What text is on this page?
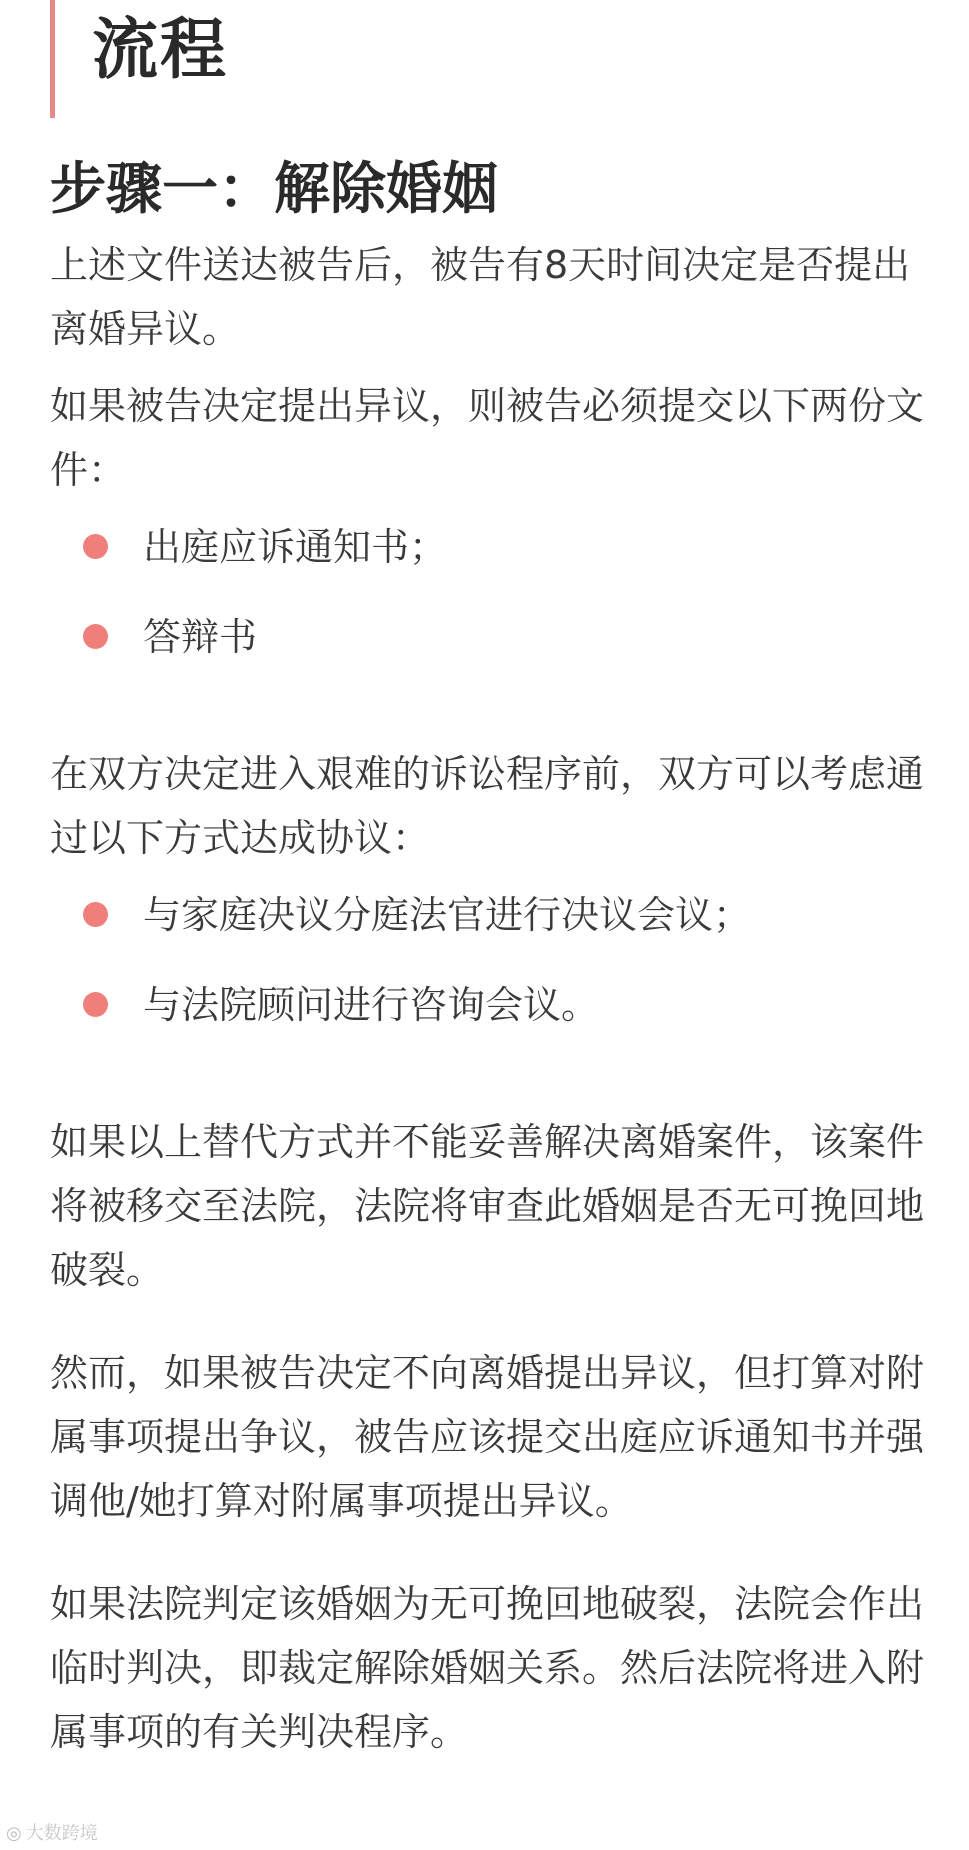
流程
步骤一：解除婚姻

上述文件送达被告后，被告有8天时间决定是否提出离婚异议。

如果被告决定提出异议，则被告必须提交以下两份文件：

出庭应诉通知书；
答辩书

在双方决定进入艰难的诉讼程序前，双方可以考虑通过以下方式达成协议：

与家庭决议分庭法官进行决议会议；
与法院顾问进行咨询会议。

如果以上替代方式并不能妥善解决离婚案件，该案件将被移交至法院，法院将审查此婚姻是否无可挽回地破裂。

然而，如果被告决定不向离婚提出异议，但打算对附属事项提出争议，被告应该提交出庭应诉通知书并强调他/她打算对附属事项提出异议。

如果法院判定该婚姻为无可挽回地破裂，法院会作出临时判决，即裁定解除婚姻关系。然后法院将进入附属事项的有关判决程序。

◎ 大数跨境
